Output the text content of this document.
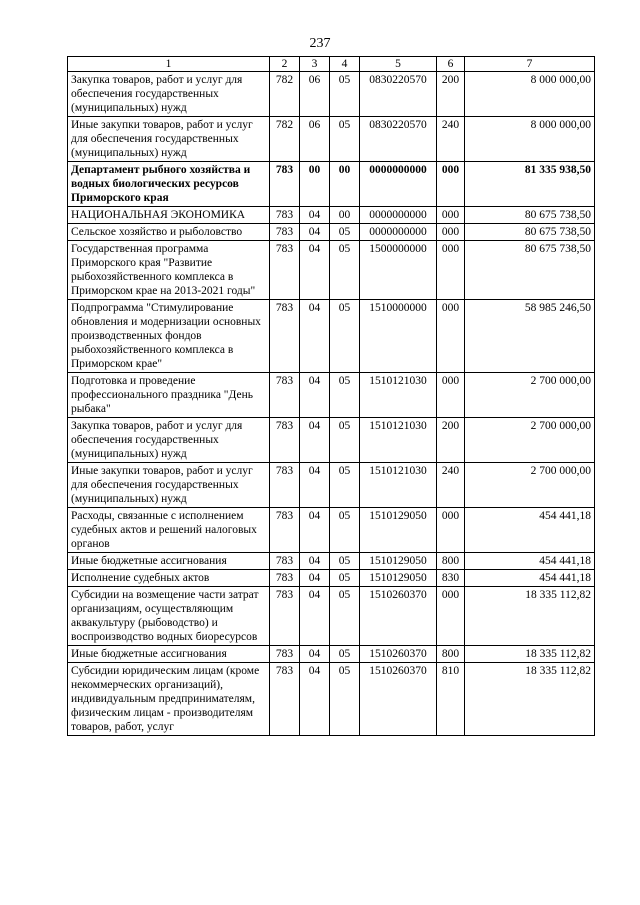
237
1	2	3	4	5	6	7
Закупка товаров, работ и услуг для обеспечения государственных (муниципальных) нужд	782	06	05	0830220570	200	8 000 000,00
Иные закупки товаров, работ и услуг для обеспечения государственных (муниципальных) нужд	782	06	05	0830220570	240	8 000 000,00
Департамент рыбного хозяйства и водных биологических ресурсов Приморского края	783	00	00	0000000000	000	81 335 938,50
НАЦИОНАЛЬНАЯ ЭКОНОМИКА	783	04	00	0000000000	000	80 675 738,50
Сельское хозяйство и рыболовство	783	04	05	0000000000	000	80 675 738,50
Государственная программа Приморского края "Развитие рыбохозяйственного комплекса в Приморском крае на 2013-2021 годы"	783	04	05	1500000000	000	80 675 738,50
Подпрограмма "Стимулирование обновления и модернизации основных производственных фондов рыбохозяйственного комплекса в Приморском крае"	783	04	05	1510000000	000	58 985 246,50
Подготовка и проведение профессионального праздника "День рыбака"	783	04	05	1510121030	000	2 700 000,00
Закупка товаров, работ и услуг для обеспечения государственных (муниципальных) нужд	783	04	05	1510121030	200	2 700 000,00
Иные закупки товаров, работ и услуг для обеспечения государственных (муниципальных) нужд	783	04	05	1510121030	240	2 700 000,00
Расходы, связанные с исполнением судебных актов и решений налоговых органов	783	04	05	1510129050	000	454 441,18
Иные бюджетные ассигнования	783	04	05	1510129050	800	454 441,18
Исполнение судебных актов	783	04	05	1510129050	830	454 441,18
Субсидии на возмещение части затрат организациям, осуществляющим аквакультуру (рыбоводство) и воспроизводство водных биоресурсов	783	04	05	1510260370	000	18 335 112,82
Иные бюджетные ассигнования	783	04	05	1510260370	800	18 335 112,82
Субсидии юридическим лицам (кроме некоммерческих организаций), индивидуальным предпринимателям, физическим лицам - производителям товаров, работ, услуг	783	04	05	1510260370	810	18 335 112,82
